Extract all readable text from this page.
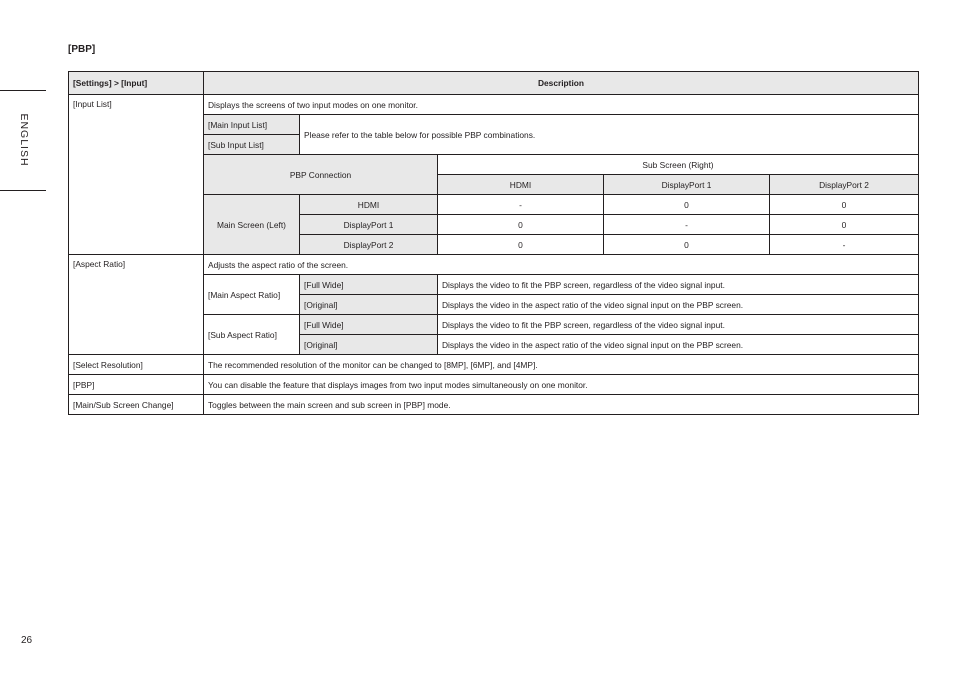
ENGLISH
[PBP]
[Settings] > [Input]	Description				
[Input List]	Displays the screens of two input modes on one monitor.				
	[Main Input List]	Please refer to the table below for possible PBP combinations.			
	[Sub Input List]				
	PBP Connection		Sub Screen (Right)		
			HDMI	DisplayPort 1	DisplayPort 2
	Main Screen (Left)	HDMI	-	0	0
		DisplayPort 1	0	-	0
		DisplayPort 2	0	0	-
[Aspect Ratio]	Adjusts the aspect ratio of the screen.				
	[Main Aspect Ratio]	[Full Wide]	Displays the video to fit the PBP screen, regardless of the video signal input.		
		[Original]	Displays the video in the aspect ratio of the video signal input on the PBP screen.		
	[Sub Aspect Ratio]	[Full Wide]	Displays the video to fit the PBP screen, regardless of the video signal input.		
		[Original]	Displays the video in the aspect ratio of the video signal input on the PBP screen.		
[Select Resolution]	The recommended resolution of the monitor can be changed to [8MP], [6MP], and [4MP].				
[PBP]	You can disable the feature that displays images from two input modes simultaneously on one monitor.				
[Main/Sub Screen Change]	Toggles between the main screen and sub screen in [PBP] mode.				
26
